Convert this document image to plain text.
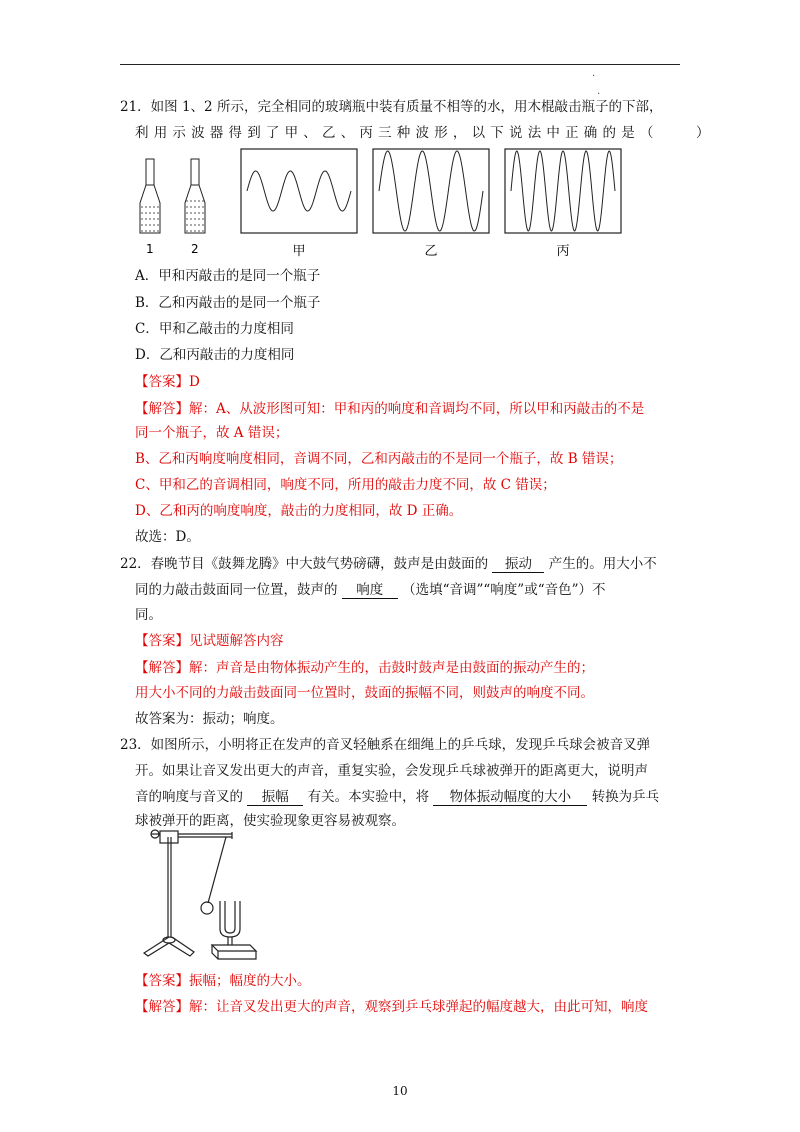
.
.
21．如图 1、2 所示，完全相同的玻璃瓶中装有质量不相等的水，用木棍敲击瓶子的下部，
利用示波器得到了甲、乙、丙三种波形，以下说法中正确的是（　　）
1	2	甲	乙	丙
A．甲和丙敲击的是同一个瓶子
B．乙和丙敲击的是同一个瓶子
C．甲和乙敲击的力度相同
D．乙和丙敲击的力度相同
【答案】D
【解答】解：A、从波形图可知：甲和丙的响度和音调均不同，所以甲和丙敲击的不是
同一个瓶子，故 A 错误；
B、乙和丙响度响度相同，音调不同，乙和丙敲击的不是同一个瓶子，故 B 错误；
C、甲和乙的音调相同，响度不同，所用的敲击力度不同，故 C 错误；
D、乙和丙的响度响度，敲击的力度相同，故 D 正确。
故选：D。
22．春晚节目《鼓舞龙腾》中大鼓气势磅礴，鼓声是由鼓面的 振动 产生的。用大小不
同的力敲击鼓面同一位置，鼓声的 响度 （选填“音调”“响度”或“音色”）不
同。
【答案】见试题解答内容
【解答】解：声音是由物体振动产生的，击鼓时鼓声是由鼓面的振动产生的；
用大小不同的力敲击鼓面同一位置时，鼓面的振幅不同，则鼓声的响度不同。
故答案为：振动；响度。
23．如图所示，小明将正在发声的音叉轻触系在细绳上的乒乓球，发现乒乓球会被音叉弹
开。如果让音叉发出更大的声音，重复实验，会发现乒乓球被弹开的距离更大，说明声
音的响度与音叉的 振幅 有关。本实验中，将 物体振动幅度的大小 转换为乒乓
球被弹开的距离，使实验现象更容易被观察。
【答案】振幅；幅度的大小。
【解答】解：让音叉发出更大的声音，观察到乒乓球弹起的幅度越大，由此可知，响度
10
